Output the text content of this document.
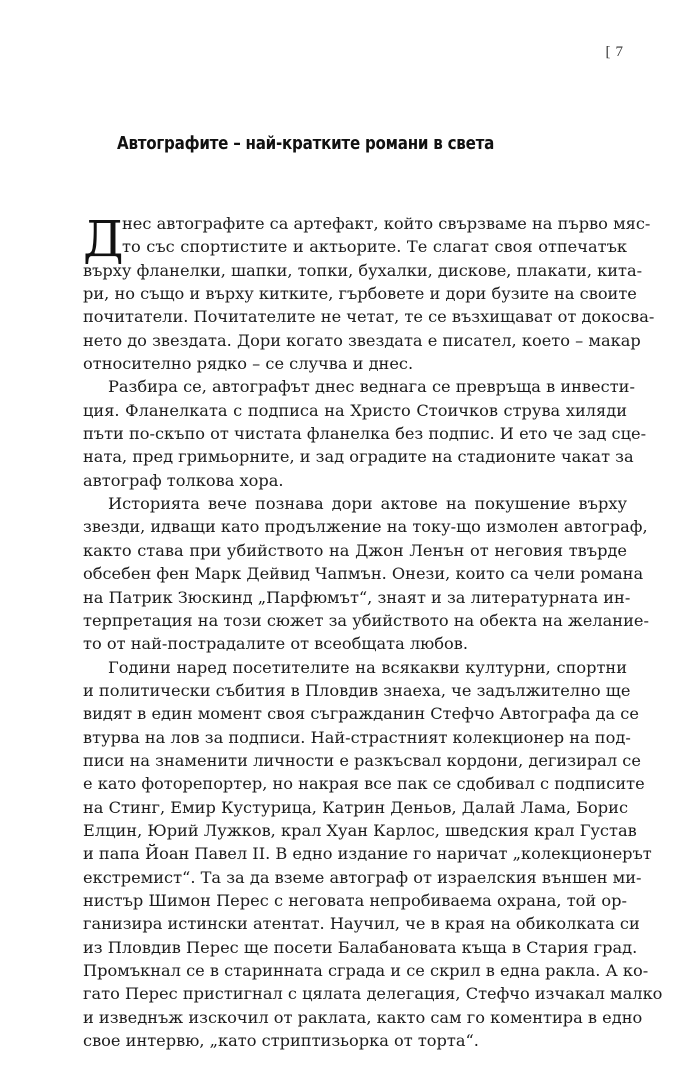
[ 7
Автографите – най-кратките романи в света
Д
нес автографите са артефакт, който свързваме на първо мяс-
то със спортистите и актьорите. Те слагат своя отпечатък
върху фланелки, шапки, топки, бухалки, дискове, плакати, кита-
ри, но също и върху китките, гърбовете и дори бузите на своите
почитатели. Почитателите не четат, те се възхищават от докосва-
нето до звездата. Дори когато звездата е писател, което – макар
относително рядко – се случва и днес.
Разбира се, автографът днес веднага се превръща в инвести-
ция. Фланелката с подписа на Христо Стоичков струва хиляди
пъти по-скъпо от чистата фланелка без подпис. И ето че зад сце-
ната, пред гримьорните, и зад оградите на стадионите чакат за
автограф толкова хора.
Историята вече познава дори актове на покушение върху
звезди, идващи като продължение на току-що измолен автограф,
както става при убийството на Джон Ленън от неговия твърде
обсебен фен Марк Дейвид Чапмън. Онези, които са чели романа
на Патрик Зюскинд „Парфюмът“, знаят и за литературната ин-
терпретация на този сюжет за убийството на обекта на желание-
то от най-пострадалите от всеобщата любов.
Години наред посетителите на всякакви културни, спортни
и политически събития в Пловдив знаеха, че задължително ще
видят в един момент своя съгражданин Стефчо Автографа да се
втурва на лов за подписи. Най-страстният колекционер на под-
писи на знаменити личности е разкъсвал кордони, дегизирал се
е като фоторепортер, но накрая все пак се сдобивал с подписите
на Стинг, Емир Кустурица, Катрин Деньов, Далай Лама, Борис
Елцин, Юрий Лужков, крал Хуан Карлос, шведския крал Густав
и папа Йоан Павел II. В едно издание го наричат „колекционерът
екстремист“. Та за да вземе автограф от израелския външен ми-
нистър Шимон Перес с неговата непробиваема охрана, той ор-
ганизира истински атентат. Научил, че в края на обиколката си
из Пловдив Перес ще посети Балабановата къща в Стария град.
Промъкнал се в старинната сграда и се скрил в една ракла. А ко-
гато Перес пристигнал с цялата делегация, Стефчо изчакал малко
и изведнъж изскочил от раклата, както сам го коментира в едно
свое интервю, „като стриптизьорка от торта“.
